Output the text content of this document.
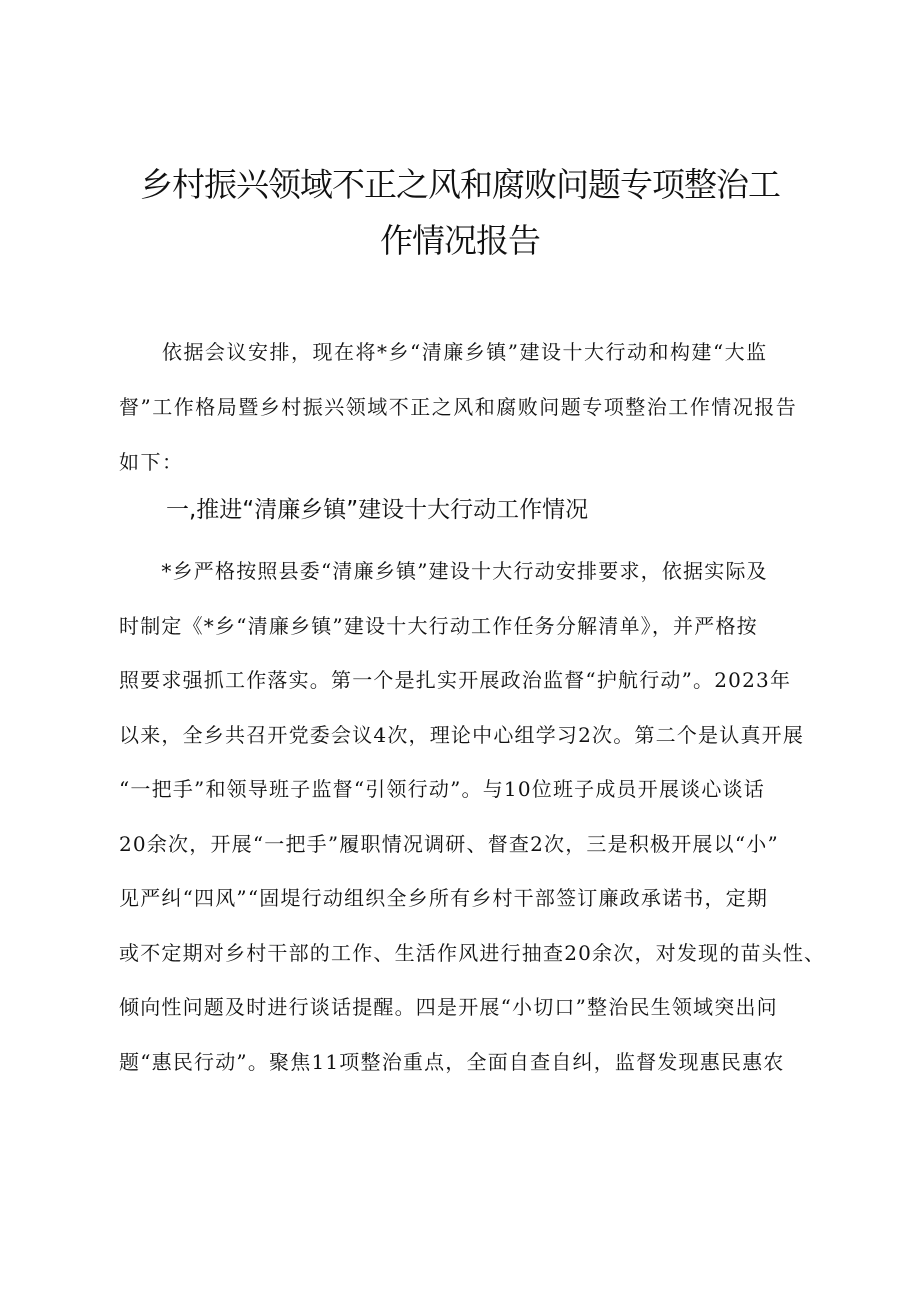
乡村振兴领域不正之风和腐败问题专项整治工
作情况报告
　　依据会议安排，现在将*乡“清廉乡镇”建设十大行动和构建“大监
督”工作格局暨乡村振兴领域不正之风和腐败问题专项整治工作情况报告
如下：
一,推进“清廉乡镇”建设十大行动工作情况
　　*乡严格按照县委“清廉乡镇”建设十大行动安排要求，依据实际及
时制定《*乡“清廉乡镇”建设十大行动工作任务分解清单》，并严格按
照要求强抓工作落实。第一个是扎实开展政治监督“护航行动”。2023年
以来，全乡共召开党委会议4次，理论中心组学习2次。第二个是认真开展
“一把手”和领导班子监督“引领行动”。与10位班子成员开展谈心谈话
20余次，开展“一把手”履职情况调研、督查2次，三是积极开展以“小”
见严纠“四风”“固堤行动组织全乡所有乡村干部签订廉政承诺书，定期
或不定期对乡村干部的工作、生活作风进行抽查20余次，对发现的苗头性、
倾向性问题及时进行谈话提醒。四是开展“小切口”整治民生领域突出问
题“惠民行动”。聚焦11项整治重点，全面自查自纠，监督发现惠民惠农
